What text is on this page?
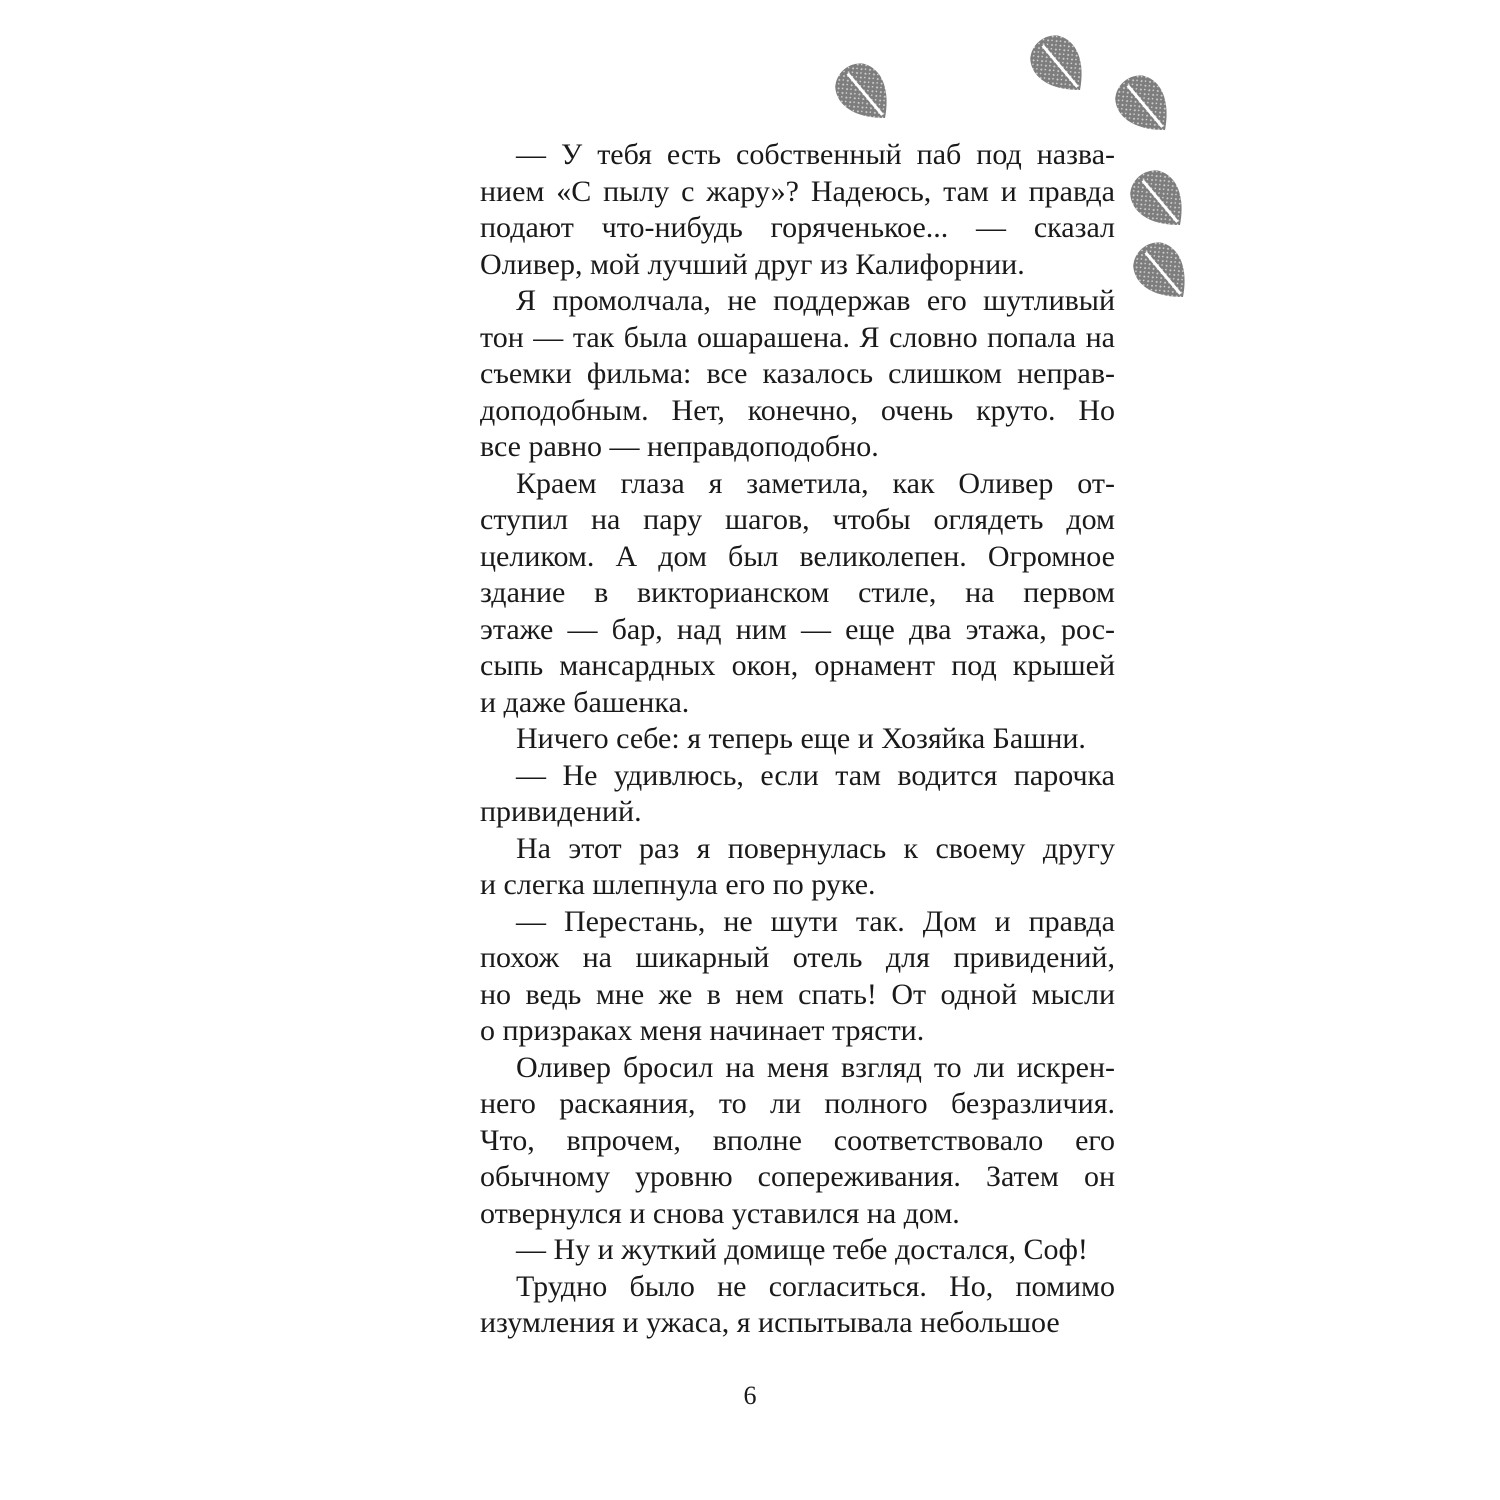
— У тебя есть собственный паб под назва-
нием «С пылу с жару»? Надеюсь, там и правда
подают что-нибудь горяченькое... — сказал
Оливер, мой лучший друг из Калифорнии.
Я промолчала, не поддержав его шутливый
тон — так была ошарашена. Я словно попала на
съемки фильма: все казалось слишком неправ-
доподобным. Нет, конечно, очень круто. Но
все равно — неправдоподобно.
Краем глаза я заметила, как Оливер от-
ступил на пару шагов, чтобы оглядеть дом
целиком. А дом был великолепен. Огромное
здание в викторианском стиле, на первом
этаже — бар, над ним — еще два этажа, рос-
сыпь мансардных окон, орнамент под крышей
и даже башенка.
Ничего себе: я теперь еще и Хозяйка Башни.
— Не удивлюсь, если там водится парочка
привидений.
На этот раз я повернулась к своему другу
и слегка шлепнула его по руке.
— Перестань, не шути так. Дом и правда
похож на шикарный отель для привидений,
но ведь мне же в нем спать! От одной мысли
о призраках меня начинает трясти.
Оливер бросил на меня взгляд то ли искрен-
него раскаяния, то ли полного безразличия.
Что, впрочем, вполне соответствовало его
обычному уровню сопереживания. Затем он
отвернулся и снова уставился на дом.
— Ну и жуткий домище тебе достался, Соф!
Трудно было не согласиться. Но, помимо
изумления и ужаса, я испытывала небольшое
6
